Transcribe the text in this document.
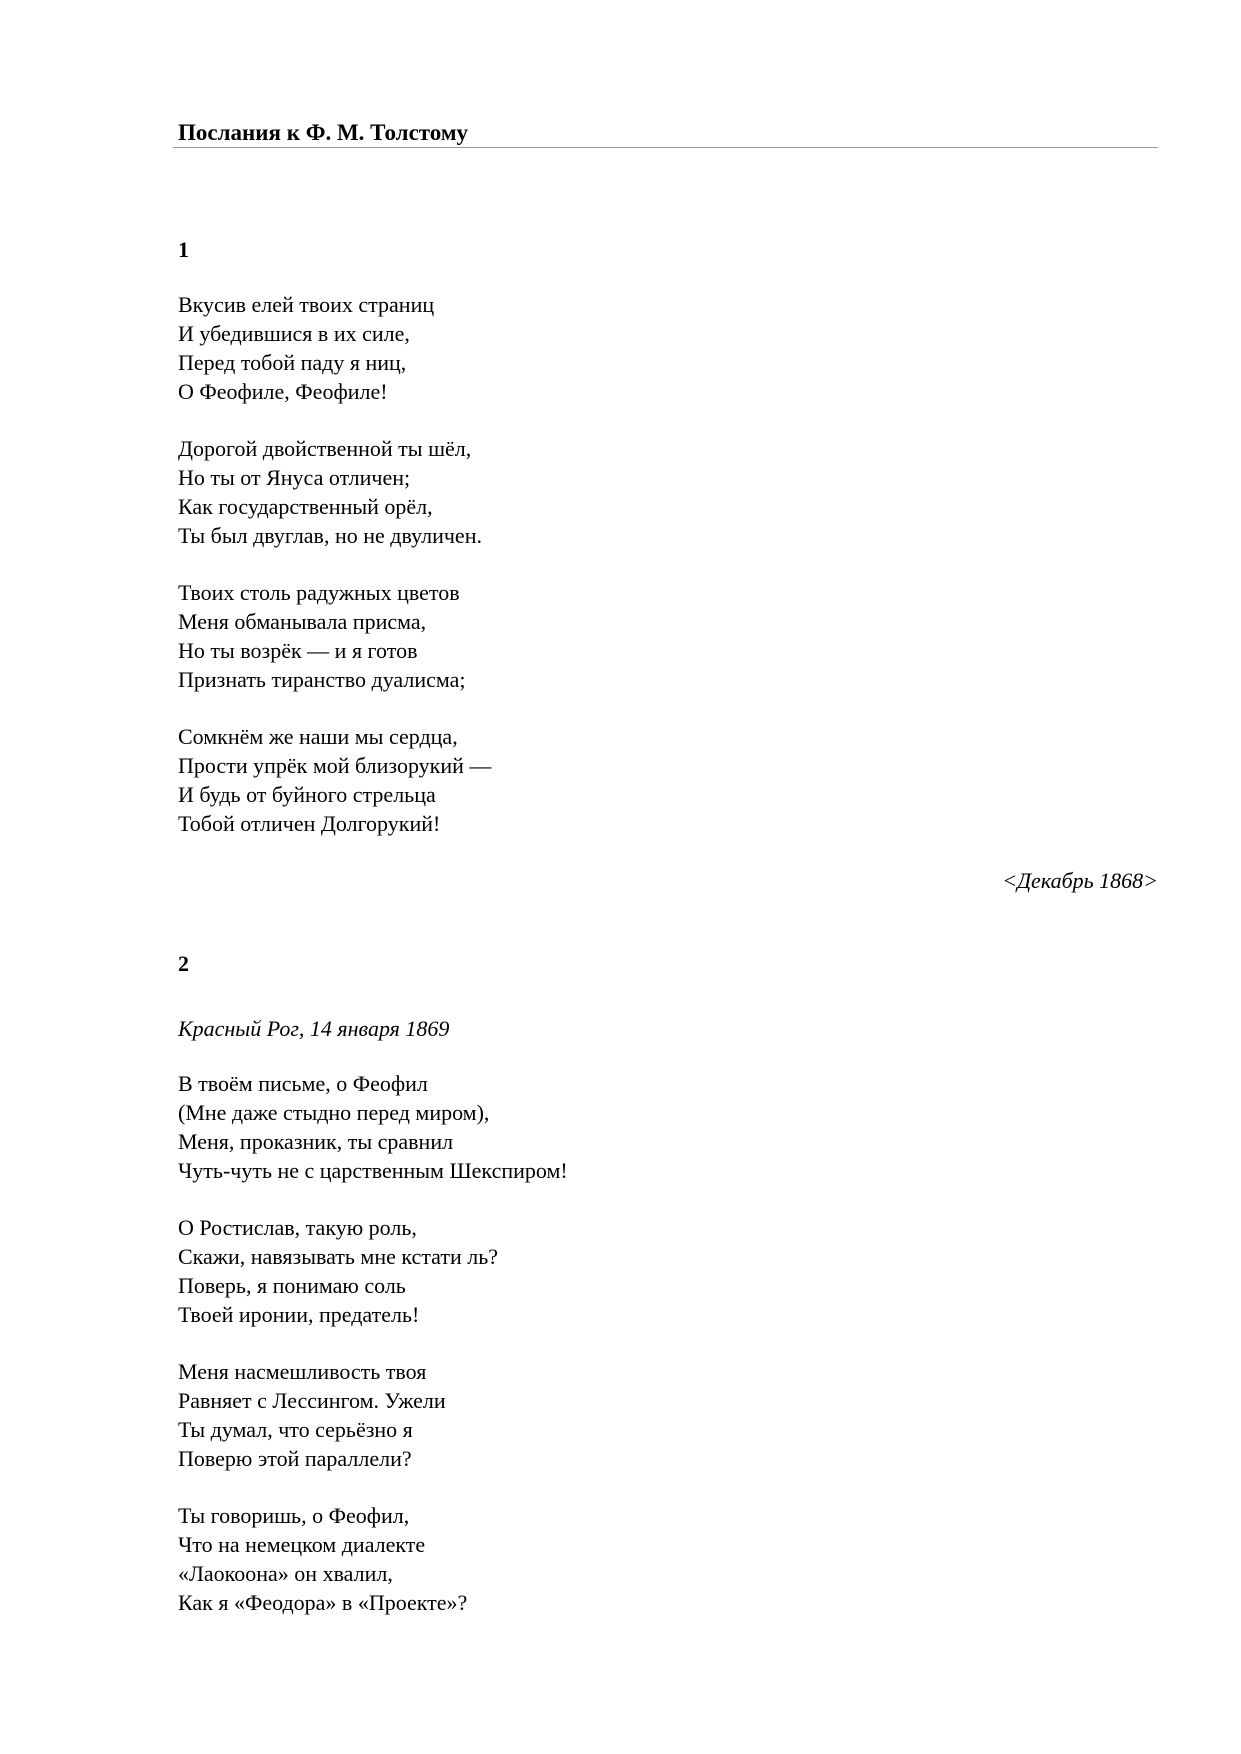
Послания к Ф. М. Толстому
1
Вкусив елей твоих страниц
И убедившися в их силе,
Перед тобой паду я ниц,
О Феофиле, Феофиле!
Дорогой двойственной ты шёл,
Но ты от Януса отличен;
Как государственный орёл,
Ты был двуглав, но не двуличен.
Твоих столь радужных цветов
Меня обманывала присма,
Но ты возрёк — и я готов
Признать тиранство дуалисма;
Сомкнём же наши мы сердца,
Прости упрёк мой близорукий —
И будь от буйного стрельца
Тобой отличен Долгорукий!
<Декабрь 1868>
2
Красный Рог, 14 января 1869
В твоём письме, о Феофил
(Мне даже стыдно перед миром),
Меня, проказник, ты сравнил
Чуть-чуть не с царственным Шекспиром!
О Ростислав, такую роль,
Скажи, навязывать мне кстати ль?
Поверь, я понимаю соль
Твоей иронии, предатель!
Меня насмешливость твоя
Равняет с Лессингом. Ужели
Ты думал, что серьёзно я
Поверю этой параллели?
Ты говоришь, о Феофил,
Что на немецком диалекте
«Лаокоона» он хвалил,
Как я «Феодора» в «Проекте»?
